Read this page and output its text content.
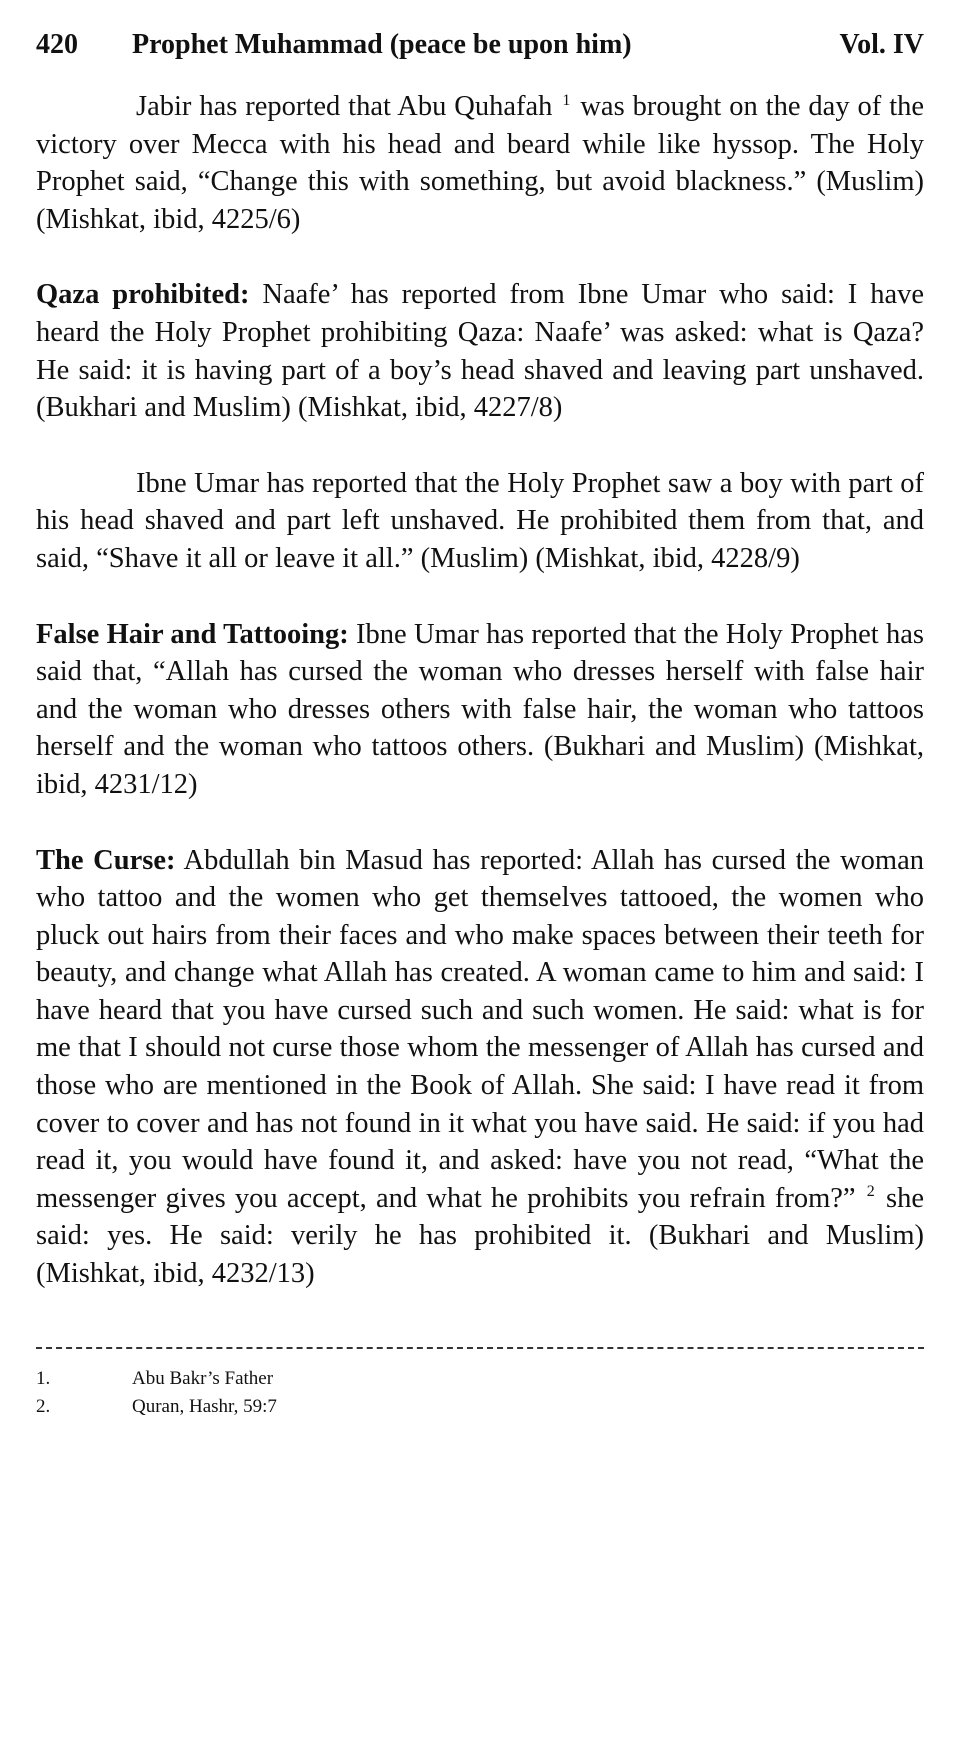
420	Prophet Muhammad (peace be upon him)	Vol. IV

Jabir has reported that Abu Quhafah $^1$ was brought on the day of the victory over Mecca with his head and beard while like hyssop. The Holy Prophet said, “Change this with something, but avoid blackness.” (Muslim) (Mishkat, ibid, 4225/6)

Qaza prohibited: Naafe’ has reported from Ibne Umar who said: I have heard the Holy Prophet prohibiting Qaza: Naafe’ was asked: what is Qaza? He said: it is having part of a boy’s head shaved and leaving part unshaved. (Bukhari and Muslim) (Mishkat, ibid, 4227/8)

Ibne Umar has reported that the Holy Prophet saw a boy with part of his head shaved and part left unshaved. He prohibited them from that, and said, “Shave it all or leave it all.” (Muslim) (Mishkat, ibid, 4228/9)

False Hair and Tattooing: Ibne Umar has reported that the Holy Prophet has said that, “Allah has cursed the woman who dresses herself with false hair and the woman who dresses others with false hair, the woman who tattoos herself and the woman who tattoos others. (Bukhari and Muslim) (Mishkat, ibid, 4231/12)

The Curse: Abdullah bin Masud has reported: Allah has cursed the woman who tattoo and the women who get themselves tattooed, the women who pluck out hairs from their faces and who make spaces between their teeth for beauty, and change what Allah has created. A woman came to him and said: I have heard that you have cursed such and such women. He said: what is for me that I should not curse those whom the messenger of Allah has cursed and those who are mentioned in the Book of Allah. She said: I have read it from cover to cover and has not found in it what you have said. He said: if you had read it, you would have found it, and asked: have you not read, “What the messenger gives you accept, and what he prohibits you refrain from?” $^2$ she said: yes. He said: verily he has prohibited it. (Bukhari and Muslim) (Mishkat, ibid, 4232/13)

1.	Abu Bakr’s Father
2.	Quran, Hashr, 59:7
